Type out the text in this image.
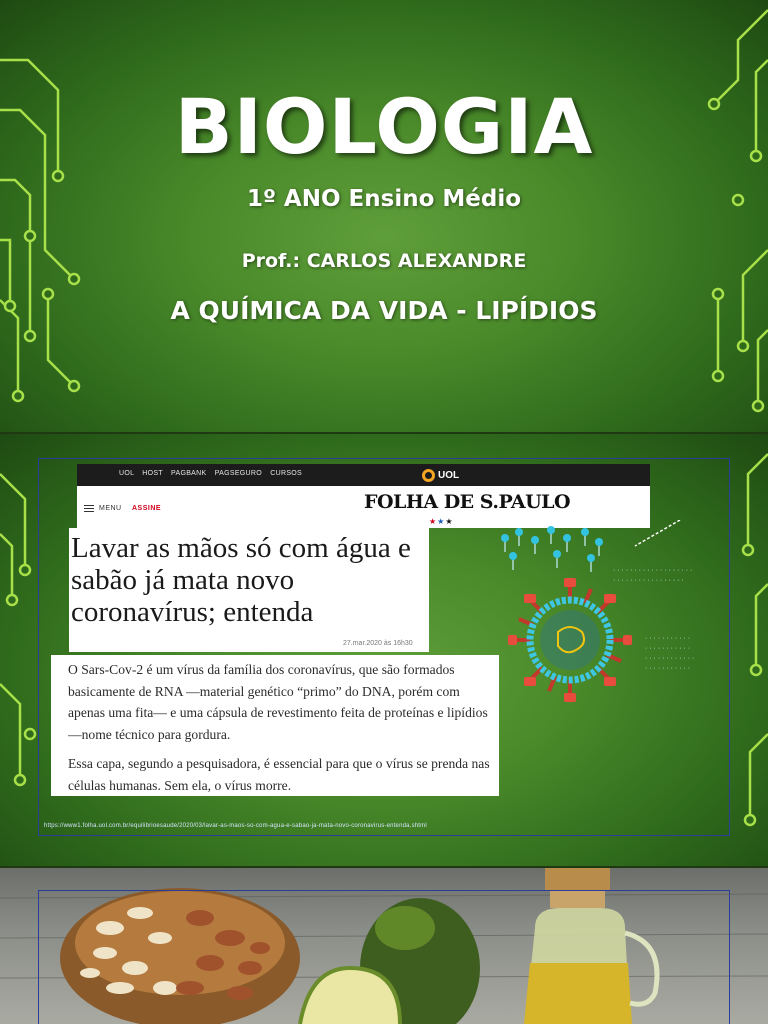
BIOLOGIA
1º ANO Ensino Médio
Prof.: CARLOS ALEXANDRE
A QUÍMICA DA VIDA - LIPÍDIOS
UOL HOST PAGBANK PAGSEGURO CURSOS	UOL
MENU ASSINE	FOLHA DE S.PAULO
★★★
Lavar as mãos só com água e
sabão já mata novo
coronavírus; entenda
27.mar.2020 às 16h30

O Sars-Cov-2 é um vírus da família dos coronavírus, que são formados basicamente de RNA —material genético “primo” do DNA, porém com apenas uma fita— e uma cápsula de revestimento feita de proteínas e lipídios —nome técnico para gordura.

Essa capa, segundo a pesquisadora, é essencial para que o vírus se prenda nas células humanas. Sem ela, o vírus morre.

· · · · · · · · · · · · · · · · · · · · · · · · · · · · · · · · · · · ·
· · · · · · · · · · · · · · · · · · · · · · · · · · · · · · · · · · · · · · · · · · · · ·
https://www1.folha.uol.com.br/equilibrioesaude/2020/03/lavar-as-maos-so-com-agua-e-sabao-ja-mata-novo-coronavirus-entenda.shtml
